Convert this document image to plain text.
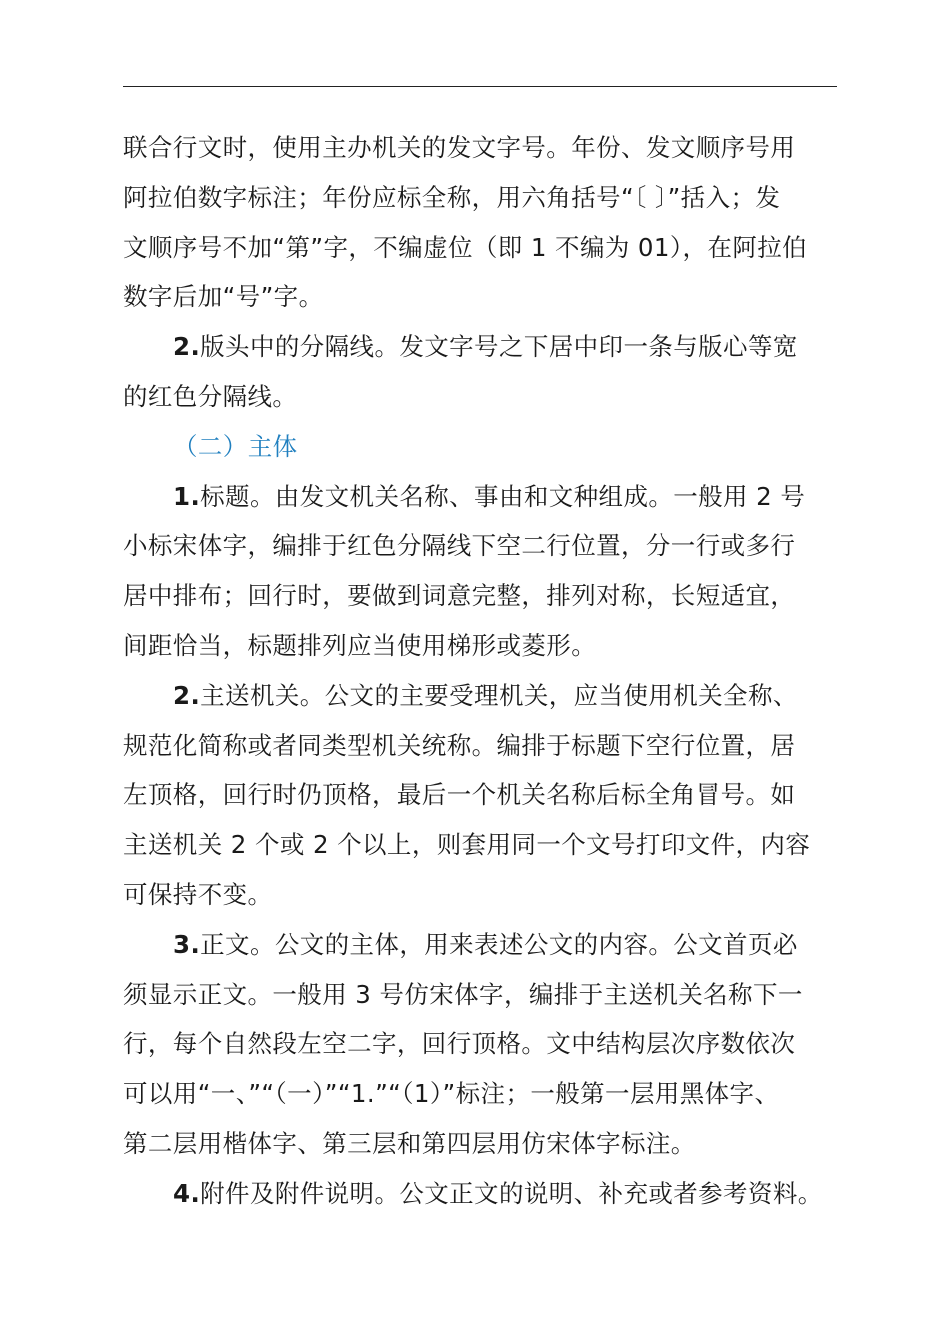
联合行文时，使用主办机关的发文字号。年份、发文顺序号用
阿拉伯数字标注；年份应标全称，用六角括号“〔 〕”括入；发
文顺序号不加“第”字，不编虚位（即 1 不编为 01），在阿拉伯
数字后加“号”字。
2.版头中的分隔线。发文字号之下居中印一条与版心等宽
的红色分隔线。
（二）主体
1.标题。由发文机关名称、事由和文种组成。一般用 2 号
小标宋体字，编排于红色分隔线下空二行位置，分一行或多行
居中排布；回行时，要做到词意完整，排列对称，长短适宜，
间距恰当，标题排列应当使用梯形或菱形。
2.主送机关。公文的主要受理机关，应当使用机关全称、
规范化简称或者同类型机关统称。编排于标题下空行位置，居
左顶格，回行时仍顶格，最后一个机关名称后标全角冒号。如
主送机关 2 个或 2 个以上，则套用同一个文号打印文件，内容
可保持不变。
3.正文。公文的主体，用来表述公文的内容。公文首页必
须显示正文。一般用 3 号仿宋体字，编排于主送机关名称下一
行，每个自然段左空二字，回行顶格。文中结构层次序数依次
可以用“一、”“（一）”“1.”“（1）”标注；一般第一层用黑体字、
第二层用楷体字、第三层和第四层用仿宋体字标注。
4.附件及附件说明。公文正文的说明、补充或者参考资料。
